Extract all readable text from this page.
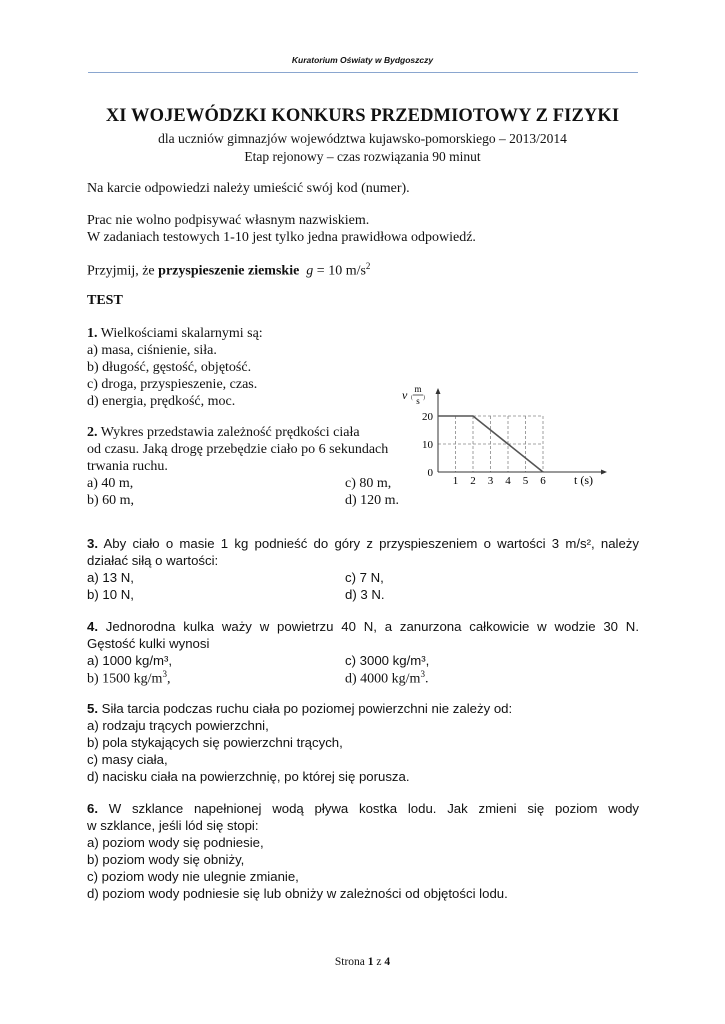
Kuratorium Oświaty w Bydgoszczy
XI WOJEWÓDZKI KONKURS PRZEDMIOTOWY Z FIZYKI
dla uczniów gimnazjów województwa kujawsko-pomorskiego – 2013/2014
Etap rejonowy – czas rozwiązania 90 minut
Na karcie odpowiedzi należy umieścić swój kod (numer).
Prac nie wolno podpisywać własnym nazwiskiem.
W zadaniach testowych 1-10 jest tylko jedna prawidłowa odpowiedź.
Przyjmij, że przyspieszenie ziemskie g = 10 $m/s^2$
TEST
1. Wielkościami skalarnymi są:
a) masa, ciśnienie, siła.
b) długość, gęstość, objętość.
c) droga, przyspieszenie, czas.
d) energia, prędkość, moc.
2. Wykres przedstawia zależność prędkości ciała
od czasu. Jaką drogę przebędzie ciało po 6 sekundach
trwania ruchu.
a) 40 m,
b) 60 m,
c) 80 m,
d) 120 m.
1 2 3 4 5 6
0
10
20
v (
m
s )
t (s)
3. Aby ciało o masie 1 kg podnieść do góry z przyspieszeniem o wartości 3 m/s², należy
działać siłą o wartości:
a) 13 N,
b) 10 N,
c) 7 N,
d) 3 N.
4. Jednorodna kulka waży w powietrzu 40 N, a zanurzona całkowicie w wodzie 30 N.
Gęstość kulki wynosi
a) 1000 kg/m³,
b) 1500 $kg/m^3$,
c) 3000 kg/m³,
d) 4000 $kg/m^3$.
5. Siła tarcia podczas ruchu ciała po poziomej powierzchni nie zależy od:
a) rodzaju trących powierzchni,
b) pola stykających się powierzchni trących,
c) masy ciała,
d) nacisku ciała na powierzchnię, po której się porusza.
6. W szklance napełnionej wodą pływa kostka lodu. Jak zmieni się poziom wody
w szklance, jeśli lód się stopi:
a) poziom wody się podniesie,
b) poziom wody się obniży,
c) poziom wody nie ulegnie zmianie,
d) poziom wody podniesie się lub obniży w zależności od objętości lodu.
Strona 1 z 4
